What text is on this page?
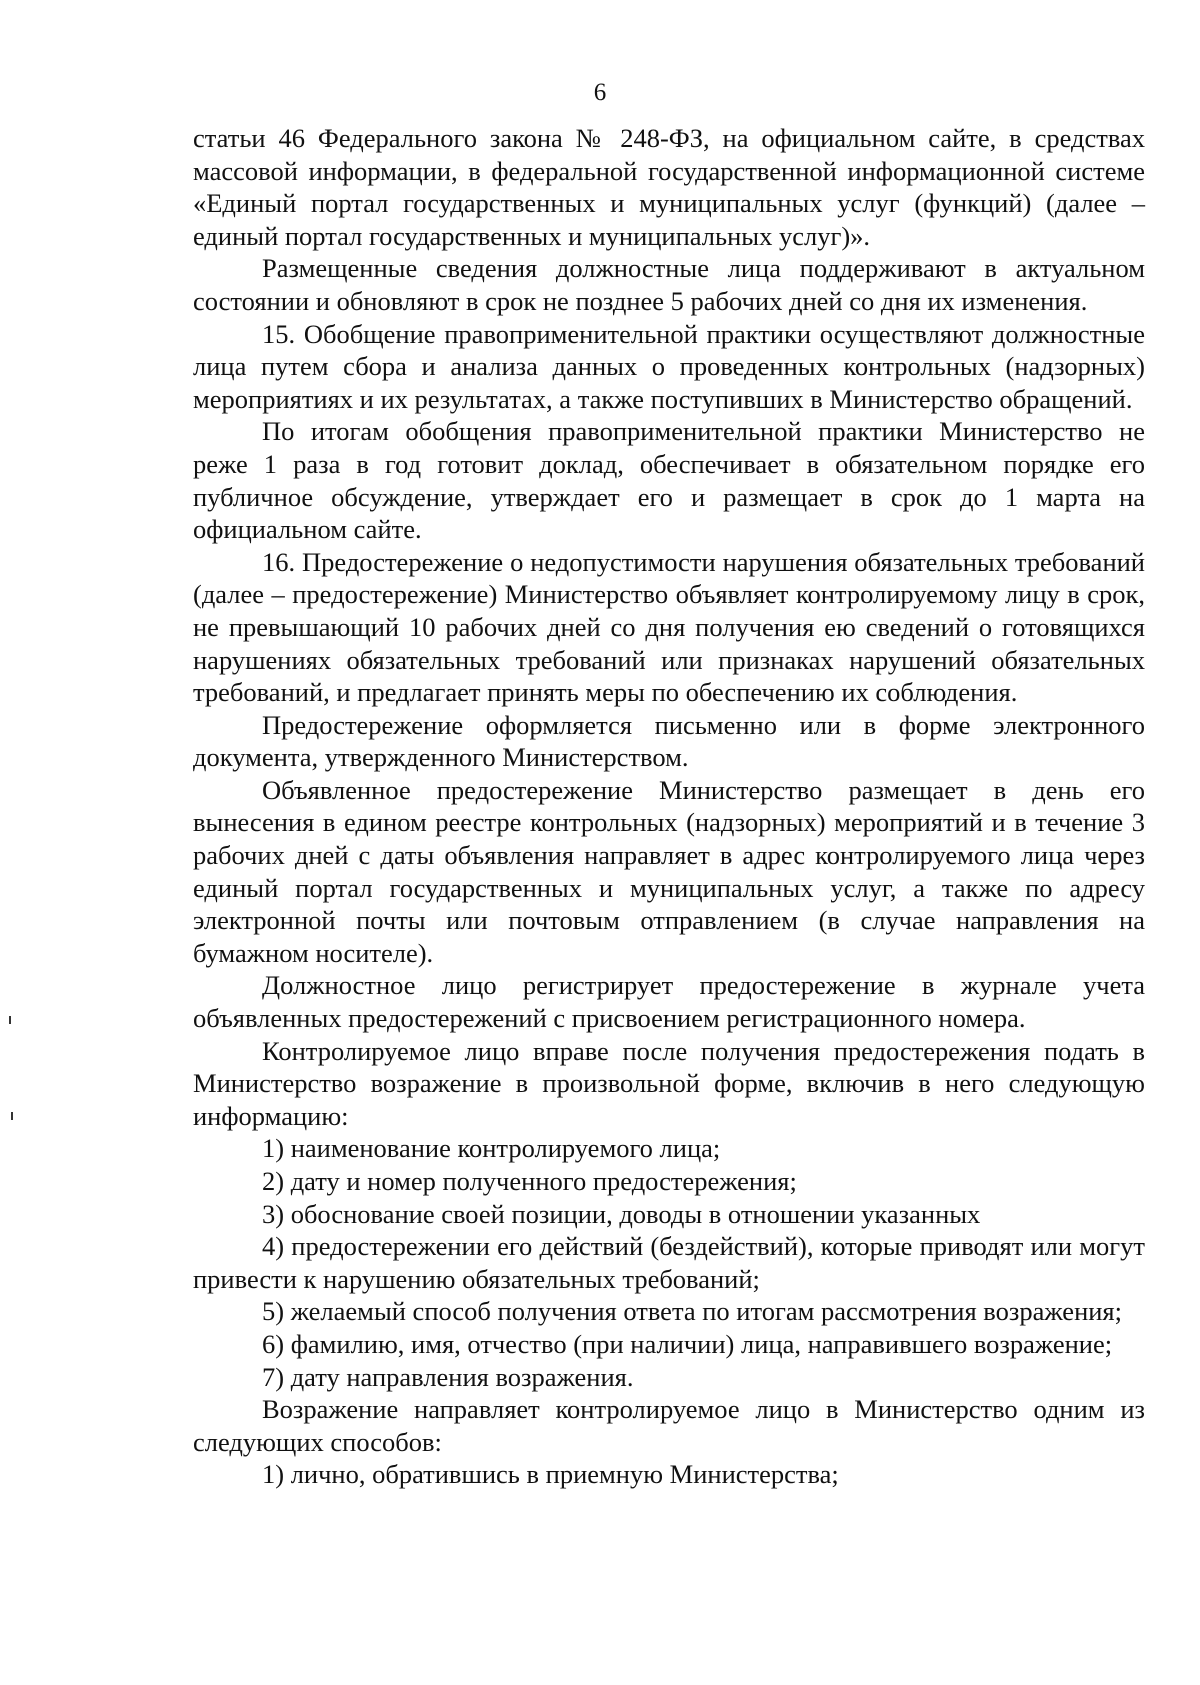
6

статьи 46 Федерального закона № 248-ФЗ, на официальном сайте, в средствах массовой информации, в федеральной государственной информационной системе «Единый портал государственных и муниципальных услуг (функций) (далее – единый портал государственных и муниципальных услуг)».

Размещенные сведения должностные лица поддерживают в актуальном состоянии и обновляют в срок не позднее 5 рабочих дней со дня их изменения.

15. Обобщение правоприменительной практики осуществляют должностные лица путем сбора и анализа данных о проведенных контрольных (надзорных) мероприятиях и их результатах, а также поступивших в Министерство обращений.

По итогам обобщения правоприменительной практики Министерство не реже 1 раза в год готовит доклад, обеспечивает в обязательном порядке его публичное обсуждение, утверждает его и размещает в срок до 1 марта на официальном сайте.

16. Предостережение о недопустимости нарушения обязательных требований (далее – предостережение) Министерство объявляет контролируемому лицу в срок, не превышающий 10 рабочих дней со дня получения ею сведений о готовящихся нарушениях обязательных требований или признаках нарушений обязательных требований, и предлагает принять меры по обеспечению их соблюдения.

Предостережение оформляется письменно или в форме электронного документа, утвержденного Министерством.

Объявленное предостережение Министерство размещает в день его вынесения в едином реестре контрольных (надзорных) мероприятий и в течение 3 рабочих дней с даты объявления направляет в адрес контролируемого лица через единый портал государственных и муниципальных услуг, а также по адресу электронной почты или почтовым отправлением (в случае направления на бумажном носителе).

Должностное лицо регистрирует предостережение в журнале учета объявленных предостережений с присвоением регистрационного номера.

Контролируемое лицо вправе после получения предостережения подать в Министерство возражение в произвольной форме, включив в него следующую информацию:

1) наименование контролируемого лица;

2) дату и номер полученного предостережения;

3) обоснование своей позиции, доводы в отношении указанных

4) предостережении его действий (бездействий), которые приводят или могут привести к нарушению обязательных требований;

5) желаемый способ получения ответа по итогам рассмотрения возражения;

6) фамилию, имя, отчество (при наличии) лица, направившего возражение;

7) дату направления возражения.

Возражение направляет контролируемое лицо в Министерство одним из следующих способов:

1) лично, обратившись в приемную Министерства;
